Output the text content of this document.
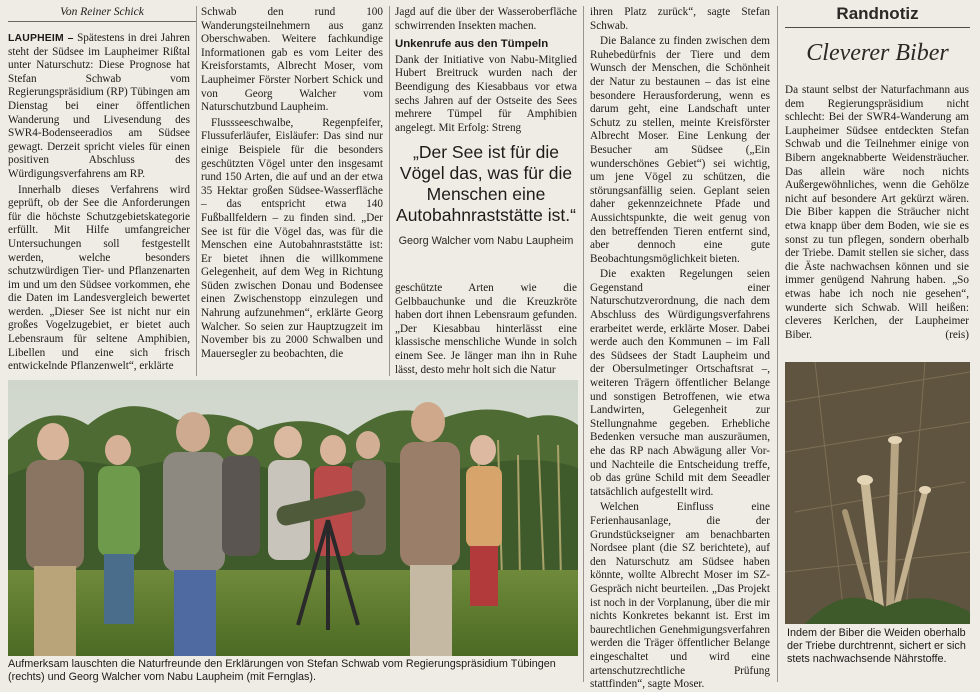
Von Reiner Schick

LAUPHEIM – Spätestens in drei Jahren steht der Südsee im Laupheimer Rißtal unter Naturschutz: Diese Prognose hat Stefan Schwab vom Regierungspräsidium (RP) Tübingen am Dienstag bei einer öffentlichen Wanderung und Livesendung des SWR4-Bodenseeradios am Südsee gewagt. Derzeit spricht vieles für einen positiven Abschluss des Würdigungsverfahrens am RP.

Innerhalb dieses Verfahrens wird geprüft, ob der See die Anforderungen für die höchste Schutzgebietskategorie erfüllt. Mit Hilfe umfangreicher Untersuchungen soll festgestellt werden, welche besonders schutzwürdigen Tier- und Pflanzenarten im und um den Südsee vorkommen, ehe die Daten im Landesvergleich bewertet werden. „Dieser See ist nicht nur ein großes Vogelzugebiet, er bietet auch Lebensraum für seltene Amphibien, Libellen und eine sich frisch entwickelnde Pflanzenwelt“, erklärte

Schwab den rund 100 Wanderungsteilnehmern aus ganz Oberschwaben. Weitere fachkundige Informationen gab es vom Leiter des Kreisforstamts, Albrecht Moser, vom Laupheimer Förster Norbert Schick und von Georg Walcher vom Naturschutzbund Laupheim.

Flussseeschwalbe, Regenpfeifer, Flussuferläufer, Eisläufer: Das sind nur einige Beispiele für die besonders geschützten Vögel unter den insgesamt rund 150 Arten, die auf und an der etwa 35 Hektar großen Südsee-Wasserfläche – das entspricht etwa 140 Fußballfeldern – zu finden sind. „Der See ist für die Vögel das, was für die Menschen eine Autobahnraststätte ist: Er bietet ihnen die willkommene Gelegenheit, auf dem Weg in Richtung Süden zwischen Donau und Bodensee einen Zwischenstopp einzulegen und Nahrung aufzunehmen“, erklärte Georg Walcher. So seien zur Hauptzugzeit im November bis zu 2000 Schwalben und Mauersegler zu beobachten, die

Jagd auf die über der Wasseroberfläche schwirrenden Insekten machen.

Unkenrufe aus den Tümpeln

Dank der Initiative von Nabu-Mitglied Hubert Breitruck wurden nach der Beendigung des Kiesabbaus vor etwa sechs Jahren auf der Ostseite des Sees mehrere Tümpel für Amphibien angelegt. Mit Erfolg: Streng

„Der See ist für die Vögel das, was für die Menschen eine Autobahnraststätte ist.“

Georg Walcher vom Nabu Laupheim

geschützte Arten wie die Gelbbauchunke und die Kreuzkröte haben dort ihnen Lebensraum gefunden. „Der Kiesabbau hinterlässt eine klassische menschliche Wunde in solch einem See. Je länger man ihn in Ruhe lässt, desto mehr holt sich die Natur

ihren Platz zurück“, sagte Stefan Schwab.

Die Balance zu finden zwischen dem Ruhebedürfnis der Tiere und dem Wunsch der Menschen, die Schönheit der Natur zu bestaunen – das ist eine besondere Herausforderung, wenn es darum geht, eine Landschaft unter Schutz zu stellen, meinte Kreisförster Albrecht Moser. Eine Lenkung der Besucher am Südsee („Ein wunderschönes Gebiet“) sei wichtig, um jene Vögel zu schützen, die störungsanfällig seien. Geplant seien daher gekennzeichnete Pfade und Aussichtspunkte, die weit genug von den betreffenden Tieren entfernt sind, aber dennoch eine gute Beobachtungsmöglichkeit bieten.

Die exakten Regelungen seien Gegenstand einer Naturschutzverordnung, die nach dem Abschluss des Würdigungsverfahrens erarbeitet werde, erklärte Moser. Dabei werde auch den Kommunen – im Fall des Südsees der Stadt Laupheim und der Obersulmetinger Ortschaftsrat –, weiteren Trägern öffentlicher Belange und sonstigen Betroffenen, wie etwa Landwirten, Gelegenheit zur Stellungnahme gegeben. Erhebliche Bedenken versuche man auszuräumen, ehe das RP nach Abwägung aller Vor- und Nachteile die Entscheidung treffe, ob das grüne Schild mit dem Seeadler tatsächlich aufgestellt wird.

Welchen Einfluss eine Ferienhausanlage, die der Grundstückseigner am benachbarten Nordsee plant (die SZ berichtete), auf den Naturschutz am Südsee haben könnte, wollte Albrecht Moser im SZ-Gespräch nicht beurteilen. „Das Projekt ist noch in der Vorplanung, über die mir nichts Konkretes bekannt ist. Erst im baurechtlichen Genehmigungsverfahren werden die Träger öffentlicher Belange eingeschaltet und wird eine artenschutzrechtliche Prüfung stattfinden“, sagte Moser.

Randnotiz
Cleverer Biber

Da staunt selbst der Naturfachmann aus dem Regierungspräsidium nicht schlecht: Bei der SWR4-Wanderung am Laupheimer Südsee entdeckten Stefan Schwab und die Teilnehmer einige von Bibern angeknabberte Weidensträucher. Das allein wäre noch nichts Außergewöhnliches, wenn die Gehölze nicht auf besondere Art gekürzt wären. Die Biber kappen die Sträucher nicht etwa knapp über dem Boden, wie sie es sonst zu tun pflegen, sondern oberhalb der Triebe. Damit stellen sie sicher, dass die Äste nachwachsen können und sie immer genügend Nahrung haben. „So etwas habe ich noch nie gesehen“, wunderte sich Schwab. Will heißen: cleveres Kerlchen, der Laupheimer Biber.	(reis)

Aufmerksam lauschten die Naturfreunde den Erklärungen von Stefan Schwab vom Regierungspräsidium Tübingen (rechts) und Georg Walcher vom Nabu Laupheim (mit Fernglas).
Indem der Biber die Weiden oberhalb der Triebe durchtrennt, sichert er sich stets nachwachsende Nährstoffe.
